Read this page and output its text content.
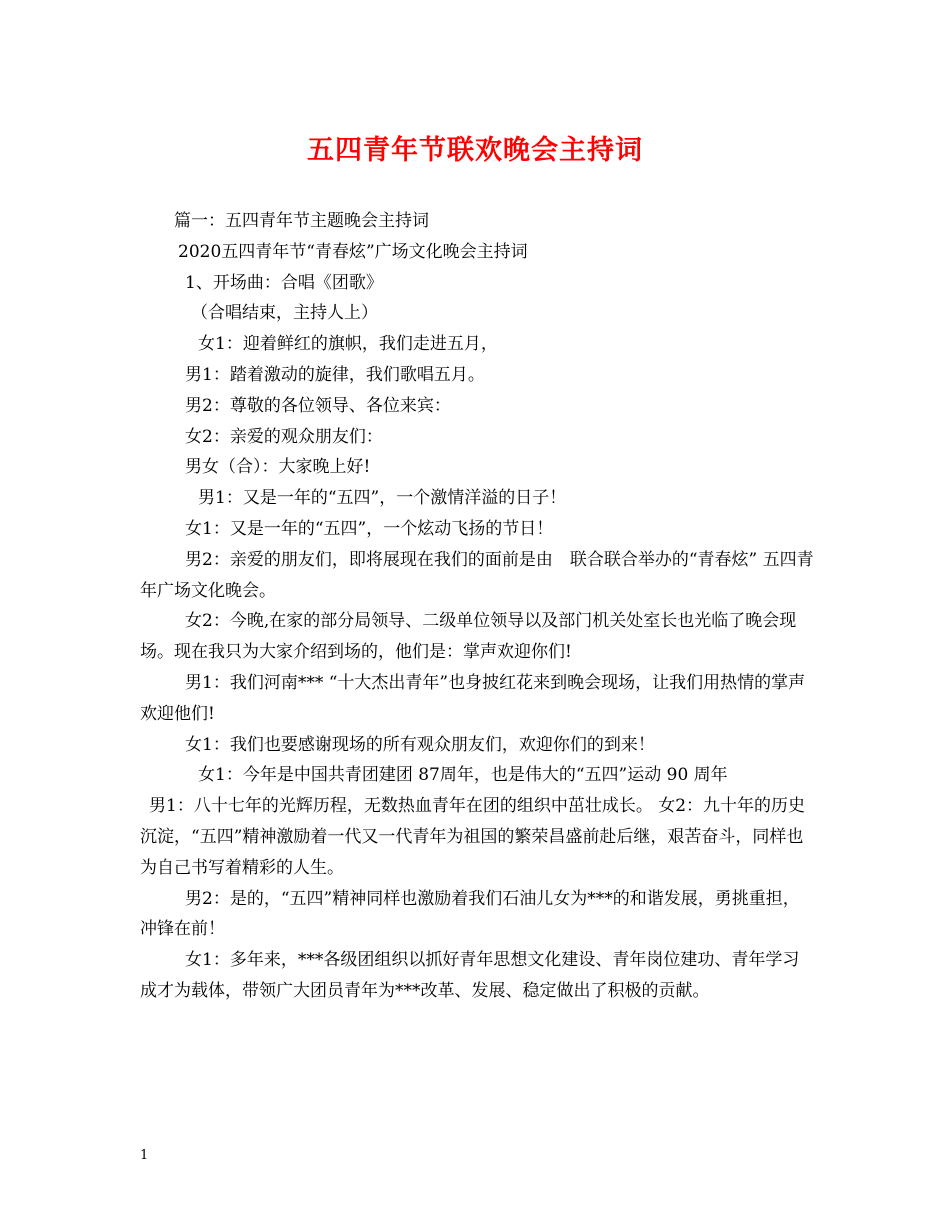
五四青年节联欢晚会主持词

篇一：五四青年节主题晚会主持词

2020五四青年节“青春炫”广场文化晚会主持词

1、开场曲：合唱《团歌》

（合唱结束，主持人上）

女1：迎着鲜红的旗帜，我们走进五月，

男1：踏着激动的旋律，我们歌唱五月。

男2：尊敬的各位领导、各位来宾：

女2：亲爱的观众朋友们：

男女（合）：大家晚上好!

男1：又是一年的“五四”，一个激情洋溢的日子！

女1：又是一年的“五四”，一个炫动飞扬的节日！

男2：亲爱的朋友们，即将展现在我们的面前是由　联合联合举办的“青春炫” 五四青年广场文化晚会。

女2：今晚,在家的部分局领导、二级单位领导以及部门机关处室长也光临了晚会现场。现在我只为大家介绍到场的，他们是：掌声欢迎你们!

男1：我们河南*** “十大杰出青年”也身披红花来到晚会现场，让我们用热情的掌声欢迎他们!

女1：我们也要感谢现场的所有观众朋友们，欢迎你们的到来！

女1：今年是中国共青团建团 87周年，也是伟大的“五四”运动 90 周年

男1：八十七年的光辉历程，无数热血青年在团的组织中茁壮成长。 女2：九十年的历史沉淀，“五四”精神激励着一代又一代青年为祖国的繁荣昌盛前赴后继，艰苦奋斗，同样也为自己书写着精彩的人生。

男2：是的，“五四”精神同样也激励着我们石油儿女为***的和谐发展，勇挑重担，冲锋在前！

女1：多年来，***各级团组织以抓好青年思想文化建设、青年岗位建功、青年学习成才为载体，带领广大团员青年为***改革、发展、稳定做出了积极的贡献。

1
